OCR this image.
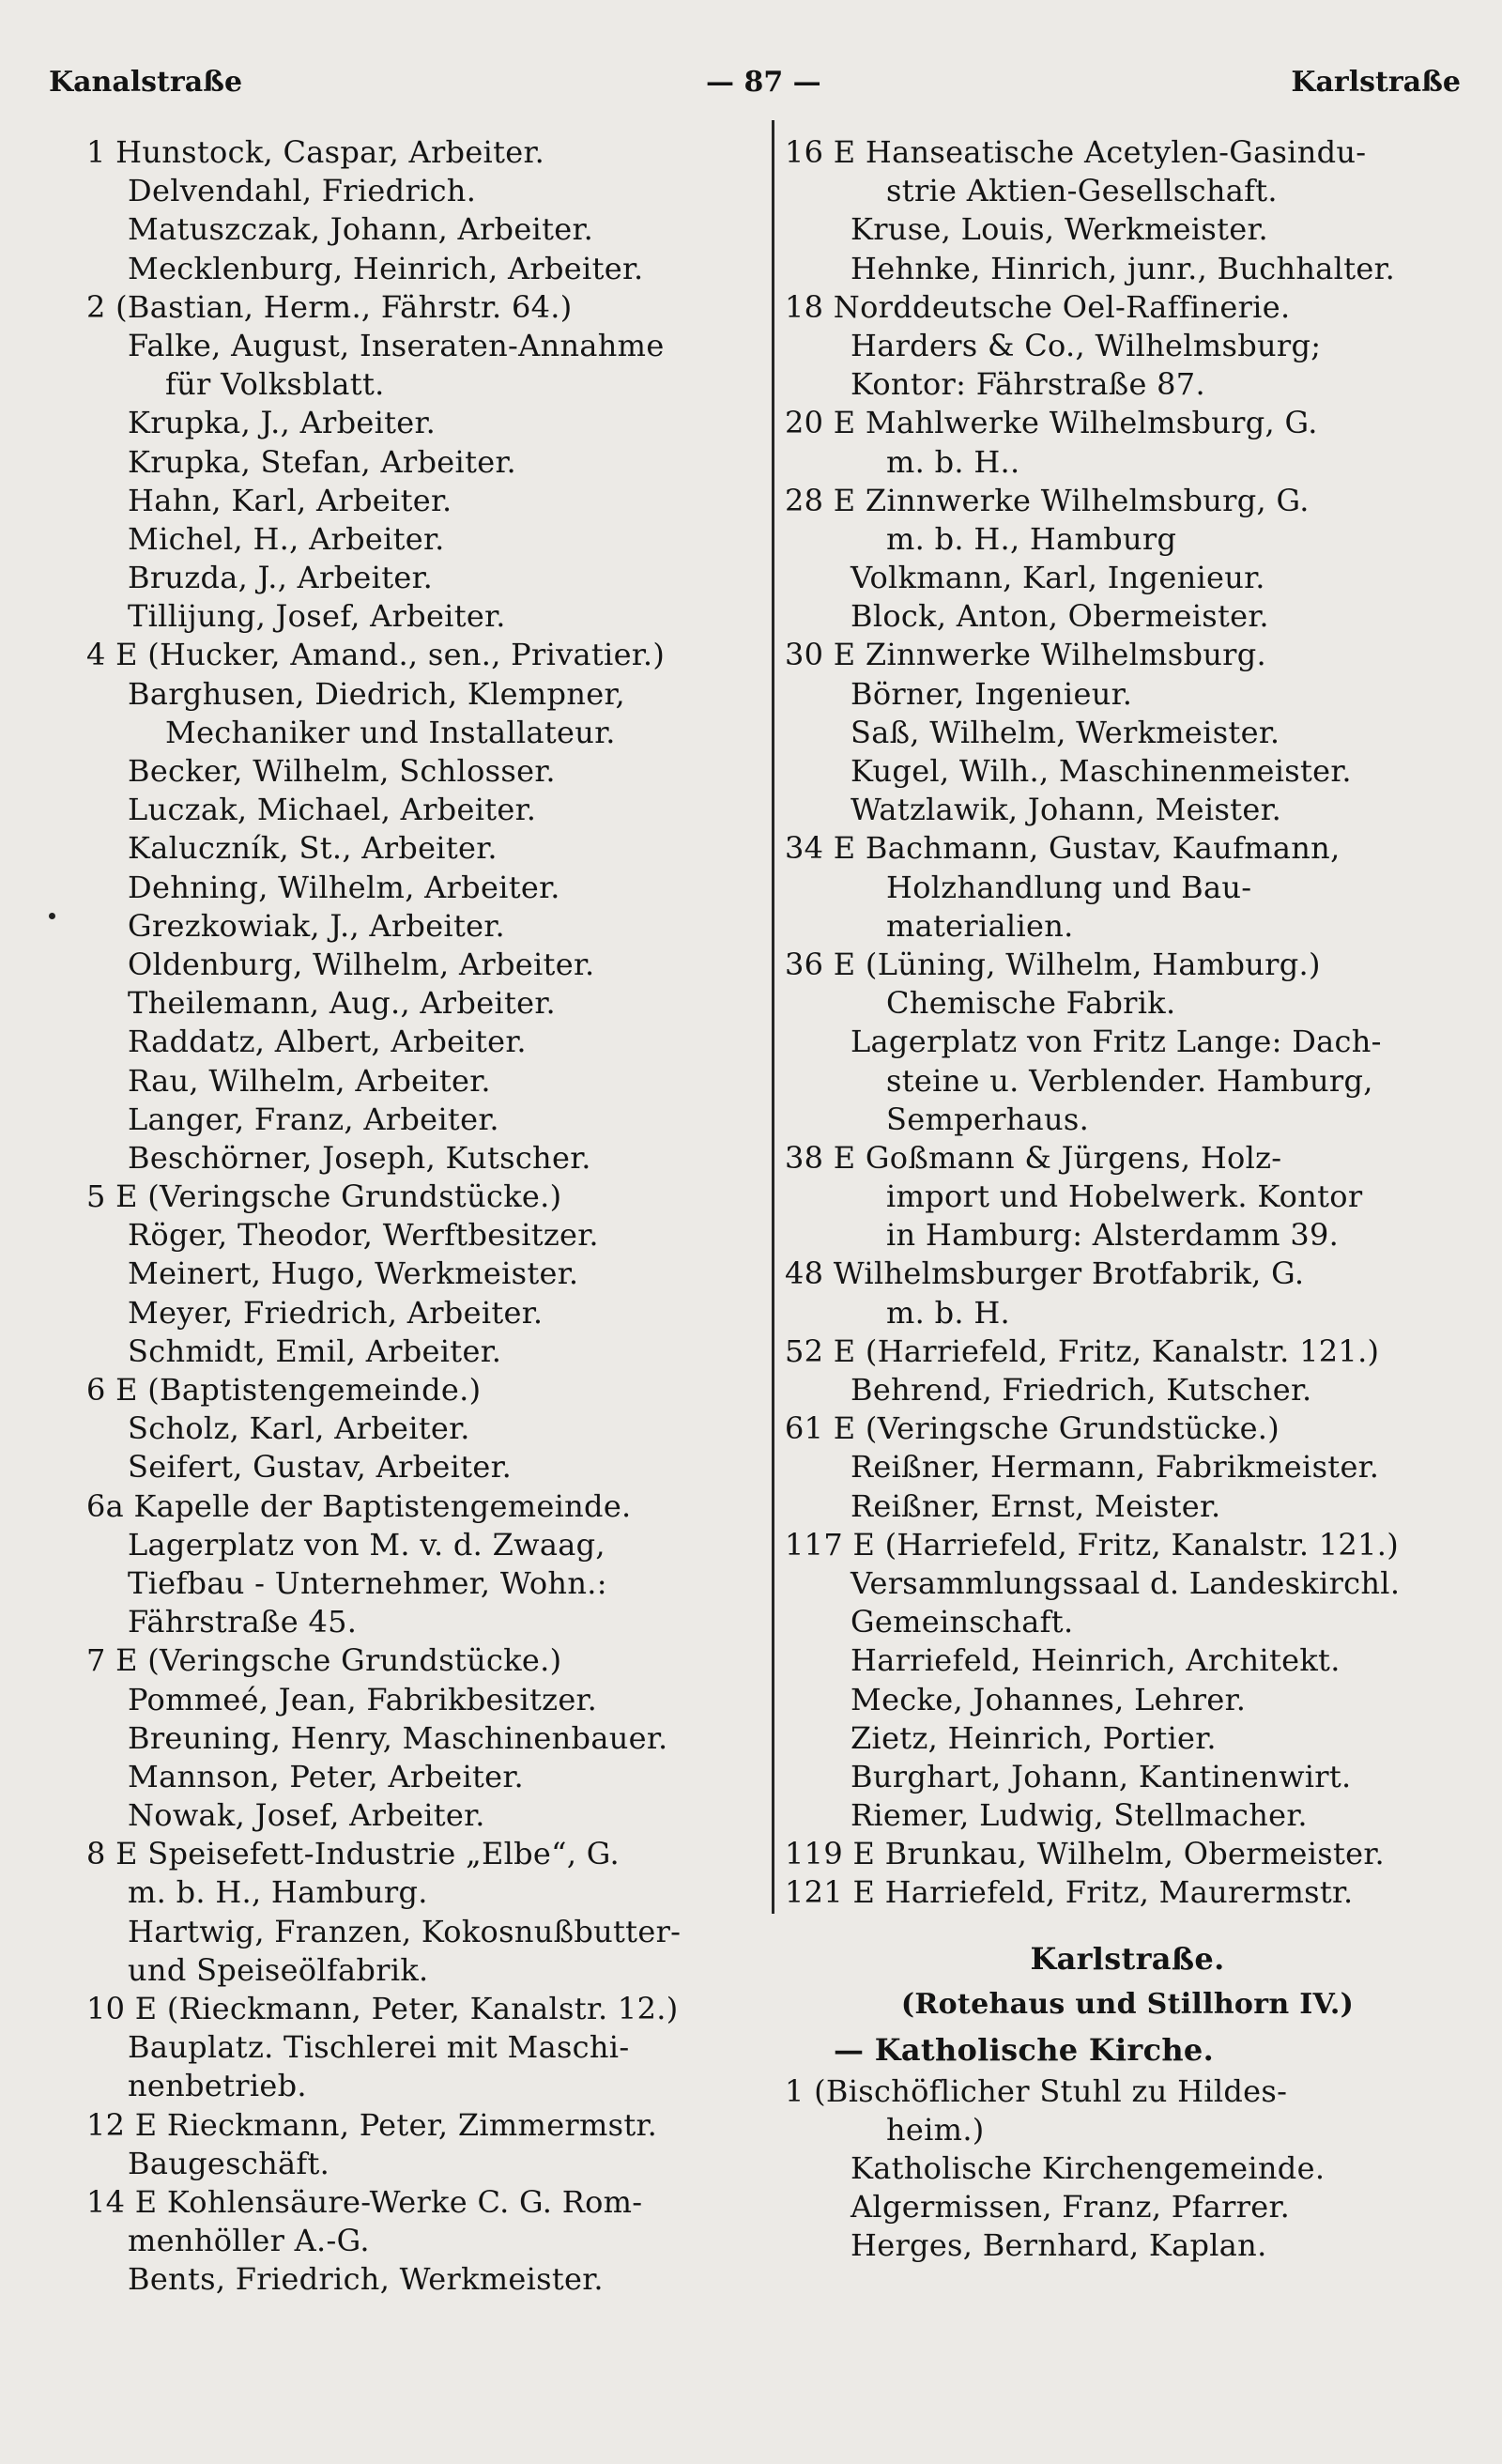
Kanalstraße	— 87 —	Karlstraße
1 Hunstock, Caspar, Arbeiter.
Delvendahl, Friedrich.
Matuszczak, Johann, Arbeiter.
Mecklenburg, Heinrich, Arbeiter.
2 (Bastian, Herm., Fährstr. 64.)
Falke, August, Inseraten-Annahme
für Volksblatt.
Krupka, J., Arbeiter.
Krupka, Stefan, Arbeiter.
Hahn, Karl, Arbeiter.
Michel, H., Arbeiter.
Bruzda, J., Arbeiter.
Tillijung, Josef, Arbeiter.
4 E (Hucker, Amand., sen., Privatier.)
Barghusen, Diedrich, Klempner,
Mechaniker und Installateur.
Becker, Wilhelm, Schlosser.
Luczak, Michael, Arbeiter.
Kaluczník, St., Arbeiter.
Dehning, Wilhelm, Arbeiter.
Grezkowiak, J., Arbeiter.
Oldenburg, Wilhelm, Arbeiter.
Theilemann, Aug., Arbeiter.
Raddatz, Albert, Arbeiter.
Rau, Wilhelm, Arbeiter.
Langer, Franz, Arbeiter.
Beschörner, Joseph, Kutscher.
5 E (Veringsche Grundstücke.)
Röger, Theodor, Werftbesitzer.
Meinert, Hugo, Werkmeister.
Meyer, Friedrich, Arbeiter.
Schmidt, Emil, Arbeiter.
6 E (Baptistengemeinde.)
Scholz, Karl, Arbeiter.
Seifert, Gustav, Arbeiter.
6a Kapelle der Baptistengemeinde.
Lagerplatz von M. v. d. Zwaag,
Tiefbau - Unternehmer, Wohn.:
Fährstraße 45.
7 E (Veringsche Grundstücke.)
Pommeé, Jean, Fabrikbesitzer.
Breuning, Henry, Maschinenbauer.
Mannson, Peter, Arbeiter.
Nowak, Josef, Arbeiter.
8 E Speisefett-Industrie „Elbe“, G.
m. b. H., Hamburg.
Hartwig, Franzen, Kokosnußbutter-
und Speiseölfabrik.
10 E (Rieckmann, Peter, Kanalstr. 12.)
Bauplatz. Tischlerei mit Maschi-
nenbetrieb.
12 E Rieckmann, Peter, Zimmermstr.
Baugeschäft.
14 E Kohlensäure-Werke C. G. Rom-
menhöller A.-G.
Bents, Friedrich, Werkmeister.
16 E Hanseatische Acetylen-Gasindu-
strie Aktien-Gesellschaft.
Kruse, Louis, Werkmeister.
Hehnke, Hinrich, junr., Buchhalter.
18 Norddeutsche Oel-Raffinerie.
Harders & Co., Wilhelmsburg;
Kontor: Fährstraße 87.
20 E Mahlwerke Wilhelmsburg, G.
m. b. H..
28 E Zinnwerke Wilhelmsburg, G.
m. b. H., Hamburg
Volkmann, Karl, Ingenieur.
Block, Anton, Obermeister.
30 E Zinnwerke Wilhelmsburg.
Börner, Ingenieur.
Saß, Wilhelm, Werkmeister.
Kugel, Wilh., Maschinenmeister.
Watzlawik, Johann, Meister.
34 E Bachmann, Gustav, Kaufmann,
Holzhandlung und Bau-
materialien.
36 E (Lüning, Wilhelm, Hamburg.)
Chemische Fabrik.
Lagerplatz von Fritz Lange: Dach-
steine u. Verblender. Hamburg,
Semperhaus.
38 E Goßmann & Jürgens, Holz-
import und Hobelwerk. Kontor
in Hamburg: Alsterdamm 39.
48 Wilhelmsburger Brotfabrik, G.
m. b. H.
52 E (Harriefeld, Fritz, Kanalstr. 121.)
Behrend, Friedrich, Kutscher.
61 E (Veringsche Grundstücke.)
Reißner, Hermann, Fabrikmeister.
Reißner, Ernst, Meister.
117 E (Harriefeld, Fritz, Kanalstr. 121.)
Versammlungssaal d. Landeskirchl.
Gemeinschaft.
Harriefeld, Heinrich, Architekt.
Mecke, Johannes, Lehrer.
Zietz, Heinrich, Portier.
Burghart, Johann, Kantinenwirt.
Riemer, Ludwig, Stellmacher.
119 E Brunkau, Wilhelm, Obermeister.
121 E Harriefeld, Fritz, Maurermstr.
Karlstraße.
(Rotehaus und Stillhorn IV.)
— Katholische Kirche.
1 (Bischöflicher Stuhl zu Hildes-
heim.)
Katholische Kirchengemeinde.
Algermissen, Franz, Pfarrer.
Herges, Bernhard, Kaplan.
